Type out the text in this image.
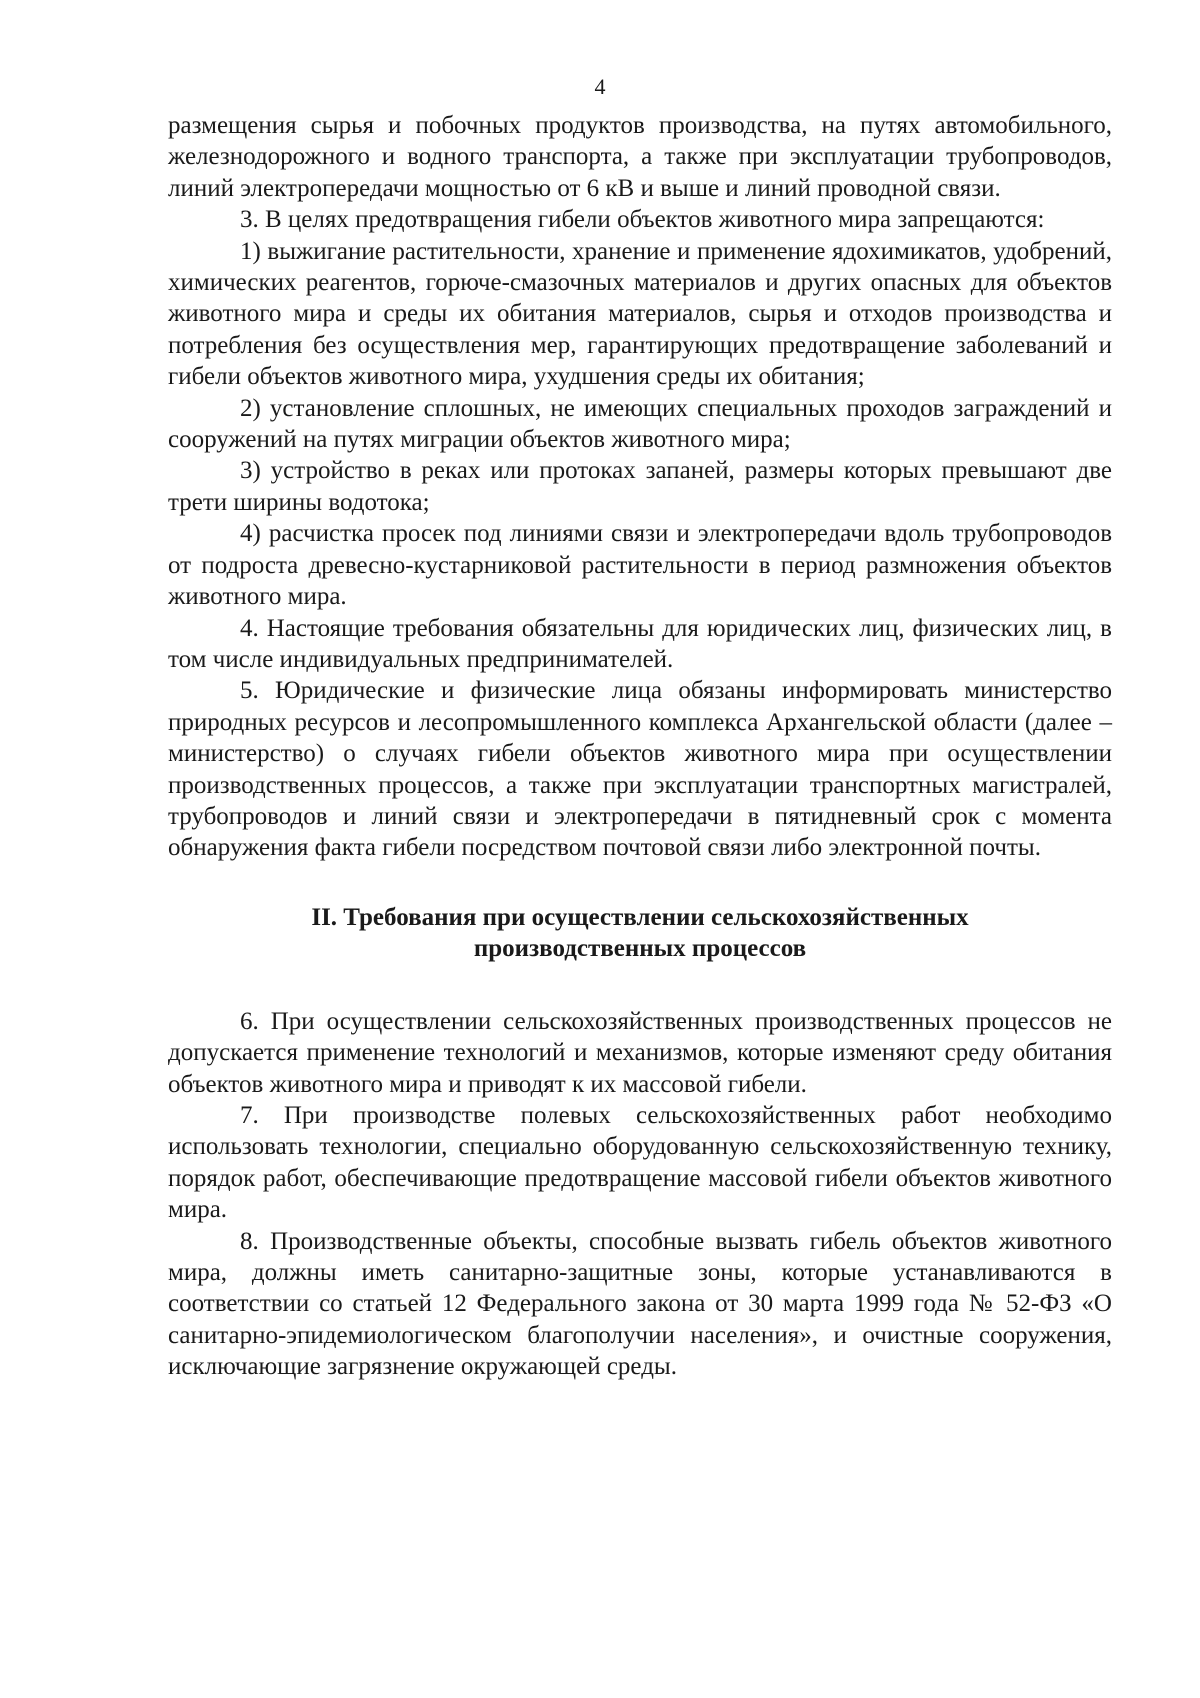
4

размещения сырья и побочных продуктов производства, на путях автомобильного, железнодорожного и водного транспорта, а также при эксплуатации трубопроводов, линий электропередачи мощностью от 6 кВ и выше и линий проводной связи.

3. В целях предотвращения гибели объектов животного мира запрещаются:

1) выжигание растительности, хранение и применение ядохимикатов, удобрений, химических реагентов, горюче-смазочных материалов и других опасных для объектов животного мира и среды их обитания материалов, сырья и отходов производства и потребления без осуществления мер, гарантирующих предотвращение заболеваний и гибели объектов животного мира, ухудшения среды их обитания;

2) установление сплошных, не имеющих специальных проходов заграждений и сооружений на путях миграции объектов животного мира;

3) устройство в реках или протоках запаней, размеры которых превышают две трети ширины водотока;

4) расчистка просек под линиями связи и электропередачи вдоль трубопроводов от подроста древесно-кустарниковой растительности в период размножения объектов животного мира.

4. Настоящие требования обязательны для юридических лиц, физических лиц, в том числе индивидуальных предпринимателей.

5. Юридические и физические лица обязаны информировать министерство природных ресурсов и лесопромышленного комплекса Архангельской области (далее – министерство) о случаях гибели объектов животного мира при осуществлении производственных процессов, а также при эксплуатации транспортных магистралей, трубопроводов и линий связи и электропередачи в пятидневный срок с момента обнаружения факта гибели посредством почтовой связи либо электронной почты.

II. Требования при осуществлении сельскохозяйственных
производственных процессов

6. При осуществлении сельскохозяйственных производственных процессов не допускается применение технологий и механизмов, которые изменяют среду обитания объектов животного мира и приводят к их массовой гибели.

7. При производстве полевых сельскохозяйственных работ необходимо использовать технологии, специально оборудованную сельскохозяйственную технику, порядок работ, обеспечивающие предотвращение массовой гибели объектов животного мира.

8. Производственные объекты, способные вызвать гибель объектов животного мира, должны иметь санитарно-защитные зоны, которые устанавливаются в соответствии со статьей 12 Федерального закона от 30 марта 1999 года № 52-ФЗ «О санитарно-эпидемиологическом благополучии населения», и очистные сооружения, исключающие загрязнение окружающей среды.
